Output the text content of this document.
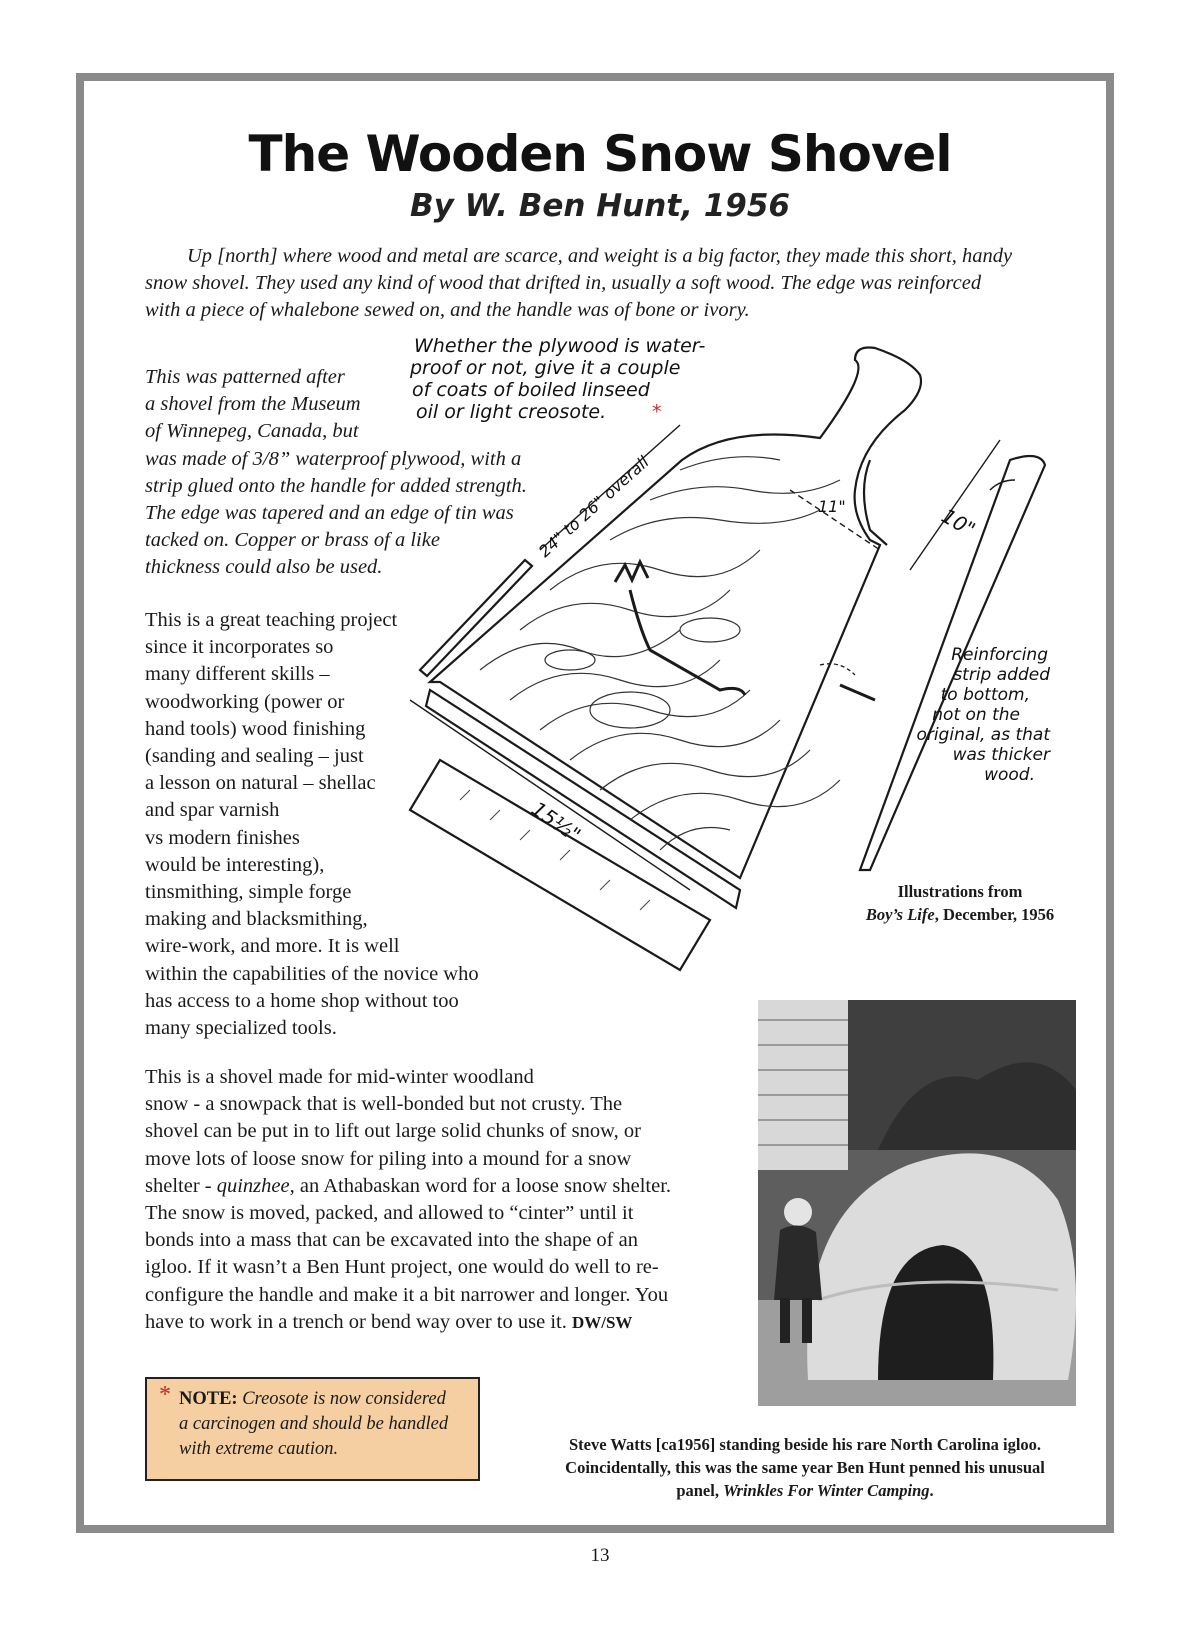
The Wooden Snow Shovel
By W. Ben Hunt, 1956
Up [north] where wood and metal are scarce, and weight is a big factor, they made this short, handy
snow shovel. They used any kind of wood that drifted in, usually a soft wood. The edge was reinforced
with a piece of whalebone sewed on, and the handle was of bone or ivory.
Whether the plywood is water-
proof or not, give it a couple
of coats of boiled linseed
oil or light creosote. *
24" to 26" overall	11"	10"
15½"
Reinforcing
strip added
to bottom,
not on the
original, as that
was thicker
wood.
This was patterned after
a shovel from the Museum
of Winnepeg, Canada, but
was made of 3/8” waterproof plywood, with a
strip glued onto the handle for added strength.
The edge was tapered and an edge of tin was
tacked on. Copper or brass of a like
thickness could also be used.
This is a great teaching project
since it incorporates so
many different skills –
woodworking (power or
hand tools) wood finishing
(sanding and sealing – just
a lesson on natural – shellac
and spar varnish
vs modern finishes
would be interesting),
tinsmithing, simple forge
making and blacksmithing,
wire-work, and more. It is well
within the capabilities of the novice who
has access to a home shop without too
many specialized tools.
This is a shovel made for mid-winter woodland
snow - a snowpack that is well-bonded but not crusty. The
shovel can be put in to lift out large solid chunks of snow, or
move lots of loose snow for piling into a mound for a snow
shelter - quinzhee, an Athabaskan word for a loose snow shelter.
The snow is moved, packed, and allowed to “cinter” until it
bonds into a mass that can be excavated into the shape of an
igloo. If it wasn’t a Ben Hunt project, one would do well to re-
configure the handle and make it a bit narrower and longer. You
have to work in a trench or bend way over to use it. DW/SW
Illustrations from
Boy’s Life, December, 1956
Steve Watts [ca1956] standing beside his rare North Carolina igloo.
Coincidentally, this was the same year Ben Hunt penned his unusual
panel, Wrinkles For Winter Camping.
* NOTE: Creosote is now considered
a carcinogen and should be handled
with extreme caution.
13
